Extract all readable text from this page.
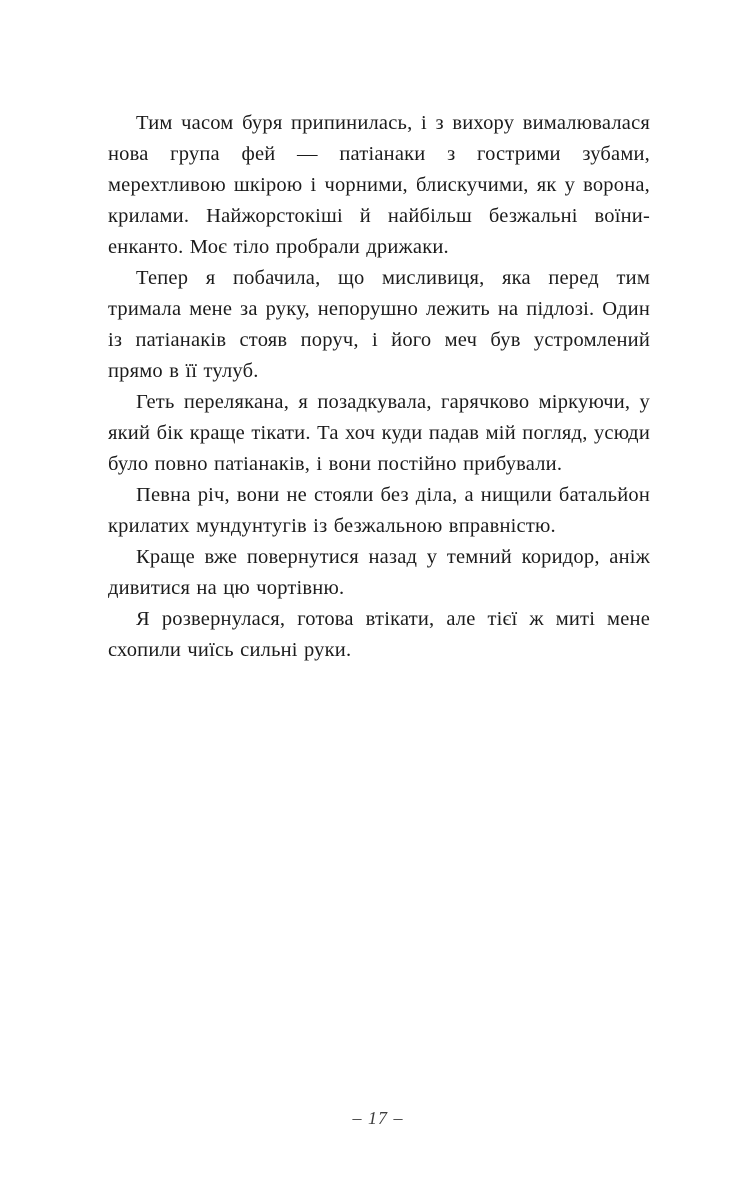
Тим часом буря припинилась, і з вихору вималювалася нова група фей — патіанаки з гострими зубами, мерехтливою шкірою і чорними, блискучими, як у ворона, крилами. Найжорстокіші й найбільш безжальні воїни-енканто. Моє тіло пробрали дрижаки.

Тепер я побачила, що мисливиця, яка перед тим тримала мене за руку, непорушно лежить на підлозі. Один із патіанаків стояв поруч, і його меч був устромлений прямо в її тулуб.

Геть перелякана, я позадкувала, гарячково міркуючи, у який бік краще тікати. Та хоч куди падав мій погляд, усюди було повно патіанаків, і вони постійно прибували.

Певна річ, вони не стояли без діла, а нищили батальйон крилатих мундунтугів із безжальною вправністю.

Краще вже повернутися назад у темний коридор, аніж дивитися на цю чортівню.

Я розвернулася, готова втікати, але тієї ж миті мене схопили чиїсь сильні руки.

– 17 –
